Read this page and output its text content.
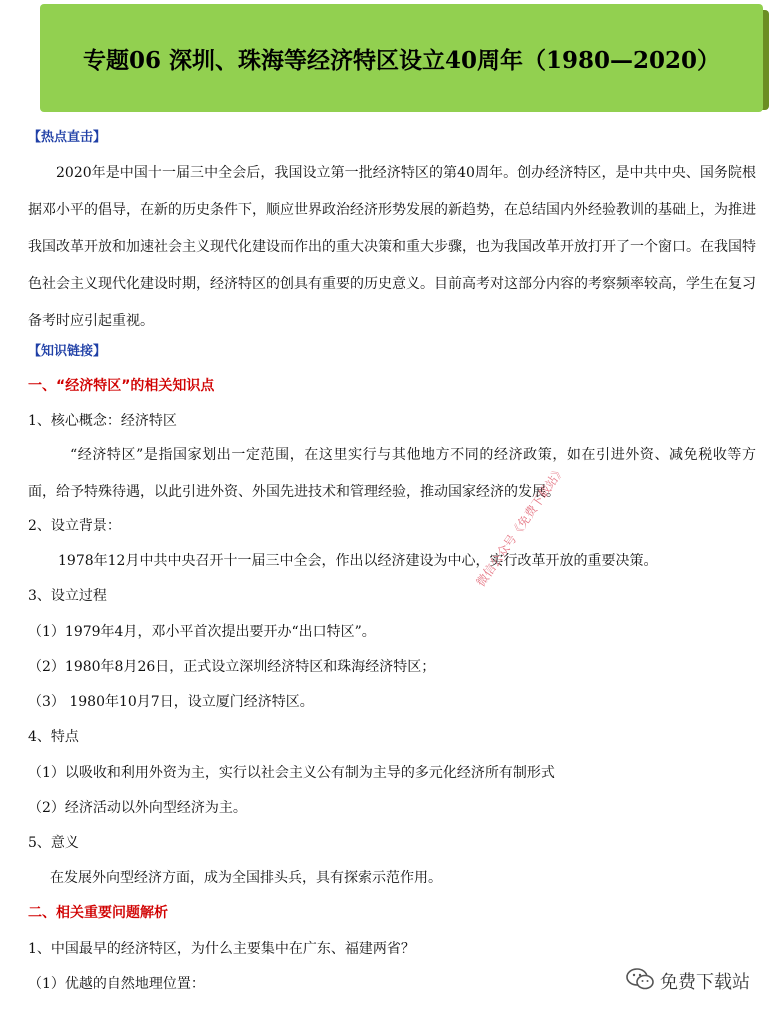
专题06 深圳、珠海等经济特区设立40周年（1980—2020）
【热点直击】
2020年是中国十一届三中全会后，我国设立第一批经济特区的第40周年。创办经济特区，是中共中央、国务院根据邓小平的倡导，在新的历史条件下，顺应世界政治经济形势发展的新趋势，在总结国内外经验教训的基础上，为推进我国改革开放和加速社会主义现代化建设而作出的重大决策和重大步骤，也为我国改革开放打开了一个窗口。在我国特色社会主义现代化建设时期，经济特区的创具有重要的历史意义。目前高考对这部分内容的考察频率较高，学生在复习备考时应引起重视。
【知识链接】
一、“经济特区”的相关知识点
1、核心概念：经济特区
“经济特区”是指国家划出一定范围，在这里实行与其他地方不同的经济政策，如在引进外资、减免税收等方面，给予特殊待遇，以此引进外资、外国先进技术和管理经验，推动国家经济的发展。
2、设立背景：
1978年12月中共中央召开十一届三中全会，作出以经济建设为中心，实行改革开放的重要决策。
3、设立过程
（1）1979年4月，邓小平首次提出要开办“出口特区”。
（2）1980年8月26日，正式设立深圳经济特区和珠海经济特区；
（3） 1980年10月7日，设立厦门经济特区。
4、特点
（1）以吸收和利用外资为主，实行以社会主义公有制为主导的多元化经济所有制形式
（2）经济活动以外向型经济为主。
5、意义
在发展外向型经济方面，成为全国排头兵，具有探索示范作用。
二、相关重要问题解析
1、中国最早的经济特区，为什么主要集中在广东、福建两省？
（1）优越的自然地理位置：
微信公众号《免费下载站》
免费下载站
